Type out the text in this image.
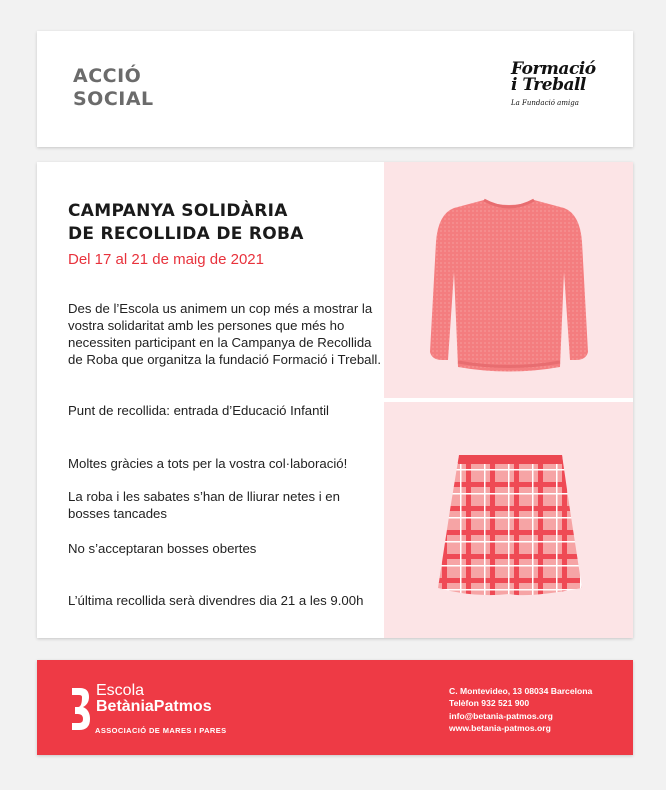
ACCIÓ
SOCIAL
Formació
i Treball
La Fundació amiga
CAMPANYA SOLIDÀRIA
DE RECOLLIDA DE ROBA
Del 17 al 21 de maig de 2021
Des de l’Escola us animem un cop més a mostrar la vostra solidaritat amb les persones que més ho necessiten participant en la Campanya de Recollida de Roba que organitza la fundació Formació i Treball.
Punt de recollida: entrada d’Educació Infantil
Moltes gràcies a tots per la vostra col·laboració!
La roba i les sabates s’han de lliurar netes i en bosses tancades
No s’acceptaran bosses obertes
L’última recollida serà divendres dia 21 a les 9.00h
Escola
BetàniaPatmos
ASSOCIACIÓ DE MARES I PARES
C. Montevideo, 13 08034 Barcelona
Telèfon 932 521 900
info@betania-patmos.org
www.betania-patmos.org
